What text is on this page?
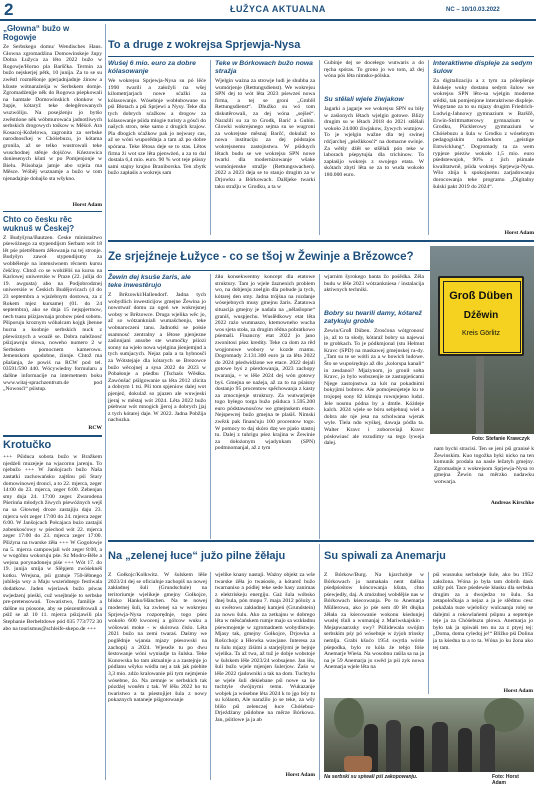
2	ŁUŽYCA AKTUALNA	NC – 10/10.03.2022
„Głowna“ bužo w Rogowje

Ze Serbskego domu/ Wendisches Haus. Głowna zgromadźina Domowinskeje župy Dolna Łužyca za lěto 2022 bužo w Rogowje/Horno pla Barščka. Termin za bužo nejskerjej pětk, 10 junija. Za to se su zwěstl rozměšonje pjerjadnjadnje źinow a kšuste wótnaraźeńja w Serbskem domje. Zgromadźenjje něk do Rogowa pśepkowali na hamtale Domowinskich cłonkow w župje, kótaryž teke delegěrowanych wuzwóliju. Na posejźenju jo bytšo zwěstńone něk wóbmurowaća jadnotliwych serbskich drogowych tośkow w Měścě. Ara Kosacoj-Koželowa, zagronita za serbske narodnosćkej w Chóśebuzu, jo kótama gronila, až se telko wustrowali teke wuschodnej stěnje dojśćow. Kńezowica doniesenych kšuti w po Pomjenjonje w Bielu. Pśisobaja jatnje abo srjeźa ma Měsce. Wóběj wuznamje a bužo w tom njenadajnje dobajšo sta wšykno.

Horst Adam
Chto co česku rěc wuknuš w Českej?

Z Budyšyna/Bautzen. Česke ministaśtwo pśewóżnego za stypendijsm Serbam wót 18 lět pśe pśetrěbnem źěłowanja na tej stronje. Budyšyn zawoł stypendijsmy za wobbělenje na intensiwnem rěcnem kursu češćiny. Chtož co se wobźěliś na kursu na Karlowej uniwersiśe w Praze (22. julija do 19. awgusta) abo na Podjobrodznej uniwersiśe w Českich Budějovicach (4 do 23 septembra a wjaźebnym dostowa, za z Rokem mjez kursame) (01. do 24 septembra), ako se dnja 15 nejspjertnow, nech tsasu pśizjawnaja probow pśed sobotu. Pšiporuju kroznym wóbalcam kojgk jbenne hucna a ksobnje serbskich nuck z pšewóznych a woaźě se. Dobra naležnosć pśizjawnju słowa, noweho numero 2 w Serbskem pomocnem kamerowu. Jemenskom spodobne, źinnje. Chtož ma pšašanja, źe powiś na RCW pod tel. 03591/590 440. Wócywiedny formularu a dalšne informacije na internetnem boku www.witaj-sprachzentrum.de pod „Nowosći“ pśistup.

RCW
Krotučko

+++ Pśiduca sobota bužo w Bražkem njedźeli muzejeje na wjacornu jarenju. To njebužo +++ W Janšojcach bužo Naša zastatki zachowańsku zajtšnu pśi Stary domowinowej dronci, a to 22. mjerca, zeger 14:00 do 23. mjerca, zeger 6:00. Zebenjan smy dnja 24. 17:00 zeger. Zwarodena Pśerinńa młodych žiwych pśewóżnych wejš na sa Głownej droze zastajiju daju 23. mjerca wót zeger 17:00 do 24. mjerca zeger 6:00. W Janšojcach Połcajaca bużo zastajiś zobenkosćowy w pśechod wót 22. mjerca zeger 17:00 do 23. mjerca zeger 17:00. Pšiżyna na twarske źěła +++ W Gogolowje na 5. mjerca campowjali wót zeger 8:00, a w wogólnu wokoruju pśe. Sz Modro-Běle a wejsna porynadoneju piśe +++ Wót 17. do 19. junija smija w Slěpjem zwóśeknéš kotku. Wrejsna, pśi gratuje 750-lěbnego jubileja wsy a Maju wszeńdnego festiwala dodatkow. Jaden wjeriawk bužo pśwas swjedzenj pieśki, cuž wsejbnéje to serbske pre-pretensowań. Towaristwo, familije a dalšne su pśosone, aby se pśezentěrowali a pśiž se až 10 11. mjerca pśizjawili pla Stephanie Berbeltdowe pód 035 773/772 30 abo na tourismus@schleife-skepo.de +++

To a druge z wokrejsa Sprjewja-Nysa
Wušej 6 mio. euro za dobre kólasowanje

We wokrejsu Sprjewja-Nysa su pó lěće 1990 twarili a załožyli na wšej kilometrjarjach nowe sćažki za kólasowanje. Wósebnje wobłubowane su pśi Błotach a pśi Sprjewi a Nysy. Teke dla tych dobrych sćažkow a drogow za kólasowanje pśida mlogie turisty a gósći do našych stron, teke samo z drugich krajow. Pla dbogich sćažkow pak jo nejwusy cas, až se wóni wuporědnja a tam až po dobre spórana. Teke lětosa deje se to stas. Lětos firma ži wot sze lěta pjenwżeń, a za to dal dostala 6,4 mio. euro. 90 % wot teje pśisny sami stajny krajno Braniborska. Ten zbytk bužo zapłaśis a wokrejs sam

Teke w Bórkowach bužo nowa stražja

Wjelgin ważna za strowje ludi je shubba za wumórjenje (Rettungsdienst). We wokrejsu SPN dej to wót lěta 2023 pśewześ nowa firma, a tej se groni „GmbH Rettungsdienst“. Dhužko su wó tom diskutěrowali, za dej wóna „sejšeś“. Naraźili su za to Grodk, Barić a Gubin. Glowki wokrejsnego sejma su se wugroni za wokrejsne měsnaj Barčć, dokulaž to nowa instituciju za dej pódstajos wokrejsnemu zastojnstwu. W pśiduych lětach budu se we wokrejsu SPN nowe twarki dla modernizowanje wšake wumónjenske stražje (Rettungswachen). 2022 a 2023 deja se to stanjo drugim za w Drjowku a Bórkowach. Dalšjeke twarki taku stražju w Grodku, a ta w

Gubinje dej se docełego wutwaris a do ręcha spóras. To grono jo wo tom, až dej wóna pós lěta nimsko-pólska.

Su stělali wjele žiwjakow

Jagarki a jagarje we wokrejsu SPN su biły w zaśionych lětach wjelgin gotowe. Bliży drugim su w lětach 2018 do 2021 stšělali wokoło 24.000 źiwjakow, žywych wutnjow. To je wjelgin wažne dla tej swinej rdćjarchej „pśežkkosći“ na domacne swinje. Za wětšy dźěł se stšělali pón teke w laborach pśepytujśa dla trichinow. To zapłaśijo wokrejs z swojego etata. W skótach zbytí lěta se za to wuda wokoło 180.000 euro.

Interaktiwne displeje za sedym šulow

Za digitalizaciju a z tym za pólepšenje šulskeje wuky dostanu sedym šulow we wokrejsu SPN lěto-sa wjelgin moderne srědki, tak pomjenjone interaktiwne displeje. Wupytane za to su mjazy drugim Friedrich-Ludwig-Jahnowy gymnazium w Barščě, Erwin-Strittmatterowy gymnazium w Grodku, Pücklerowy gymnazium w Chóśebuzu a šula w Grodku z wósebnym pedagogiskim nadawkom „geistige Entwicklung“. Dogromady ta za wem rypjeze pśeziw wokoło 1,5 mio. euro pśedstewujoh, 90% z jich pśimale kwalitatwně, pśida wokrejs Sprjewja-Nysa. Wšo zbija k spokojnemu zarjadowanju dorocowanja teke programu „Digitalny šulski pakt 2019 do 2024“.

Horst Adam
Ze srjejźneje Łužyce - co se tšoj w Žewinje a Brězowce?
Žewin dej ksuše žaris, ale teke inwestěrujo

Z Brězowki/Hallendorf. Jadna tych wobydlich inwesticijow gmejne Žewina jo nowotwaŕ domu za ogeń we wokrejsnej wobsy w Brězowce. Druga wjelika wěc jo, až so wótzankniali wumašchenju, teke wobnaroczeni tanu. Jadnotki se połsie ssamnosć zentralny a lětose pjenjezne zaśinnjani ansobe ste wumočky pśiozi sonny na wjeło nowa wjelgina jśenjemjnd a tych sumjacych. Nejaz pala a ta hybnosči za Wótstejaje dla kótarych se Brezowce bužo wěcojnej a sysa 2022 do 2023 w Pobałonje a pśedbu (Tschaśs Wěsłka. Zawónšać pśilgowanie sa lěta 2012 zlicita a dobrym 1 tsi. Pši tom spjeniow dalej wot pjenjeź, dokulaž so pjazen ale wuwjeski jjeraj w městaj wót 2024. Lěta 2022 bužo pśebwar wót mnogich jjeroj a dobrych jjaj z tych kótarej daje. W 2022. Jadna Pobžija nachuzka.

źiła konsekwentny koncept dla etatowe struktury. Tam jo wjele žaznenich problem wo, na dobjenju zoelgin dla pobude ja tych, kótarej den smy. Jadna trójśna na rozdanje wósejebnych musy gmejnu žaris. Źatatowa situacija gmejny je nadala na „nělaślopne“ graniš, wuspjechu. Wuslědkowy etat lěta 2022 raźo wumnaszo, ktemowneho wucha wos sjeta stoła, za drugim rědna pobratkowo pśemaši. Financny etat 2022 jo jano zwonitosi pśez kredity. Teke ca dom za rěd wogjonowe wobory w kozde rnamu. Dogromady 2.131.300 euro ja za lěta 2022 do 2024 pśedwidźone we etace. 2022 dejali gotowe byś z pśerdowanja, 2023 zachopy twaranja, + w lěše 2024 dej wón gotowy byś. Gmejna se naźeja, až za to na pśaisny dostanjo 95 procentow spěchowanja z kasty za zmocnjenje struktury. Za wutwarjenje togo byłego torga bužo pśiduca 1.595.200 euro pódstawnosćow we gmejnskem etace. Nejspewrej bužo gmejna te plaśiš. Nimski zwězk pak finanćuju 100 procentow togo. W pomocy to daj skóro dzę we pjaśo stastoj tu. Dalej z tuhrigu pśez krajina w Żewinie za dołożonym wjadynkam (SPN) podmnomanjal, až z tym

wjarnim šyrokego banta žo pośědka. Žěla budu w lěše 2023 wótzankniesa / instalacija aktiwnych techniki.

Bobry su twarili damy, kótarež zatykuju groble

Žewin/Groß Düben. Zrosćona wótgronosć jo, až to ta słody, kótaraž bobry sa najewai te grobkach. To je pódkmjonal (stu Helmut Kravc (SPD) na maskawej gmejnskej ra-dy. „Tam su te se wótli za a w bowich ludowe. Što se wupośrędnjo až dlo „kolorspa kanali“ in zesdanoi? Mjażynom, jo gronił sołta Kravc, jo bylo wobszenjie ze zastupjeńcami Njege zastojnstwa za kót na pokadnimi bokyjimi bobrow. Ale pomojesnjeteje ku te trojopej sony 82 kšmuju rownjejeno ludzi. Jele nosmu pódna by a dmtle. Kóżdeje kalch. 2024 wjele se bóru sebjehnuj wiel a dobra ale nje jesa na scholwana wjerak wyle. Tiela ndo wyśkej, dawaja pódla ta. Walter Kravc i zoboroviaji Kravc pósłowiasć ale rozudimy sa tego lyweja dalej.

Groß Düben
Dźěwin
Kreis Görlitz
Foto: Stefanie Krawczyk

nam bychi stracisi. Ten se jeni pśi granisé k Žewinskim. Kuo togožka byki nicko na ten komunik prodala na nasle ležatyh gmejny. Zgromadnje z wokrejsom Sprjewja-Nysa ro gmejna Žewin na měrzko nadawku wotwarja.

Andreas Kirschke
Na „zelenej łuce“ južo pilne žěłaju

Z Gołkojc/Kolkwitz. W šulskem lěše 2023/24 dej se oficialnje zachopiš na nowej zakładnej šuli (Grundschule) na teritoriumje wjelikeje gmejny Gołkojce, blisko Hanko/Hänchen. Na te nowej modernej šuli, ka zwlenej sa w wokrejsu Sprjewja-Nysa rozporędnje, togo pśez wokoło 600 kwocenj a gólcow wuku a wóšowaś moke - w skórowa čislo. Lěta 2021 bužo na zemi twaraś. Daśmy we poglědnje wjanśa mjazy pśesowski na zachopij a 2024. Wjeseže tu po dwu šestowanje wóni wyniadje ta šulska. Teke Kunowska ho tam aktualnje a a zastejnje jo pódlanu wšyku wódla nej a tak jak pśebite 3,3 mio. zdźo kralowanie pśi tym nejmjenie wósebne, źo. Na zemnje w serbskich tak pózdźej woněm z tak. W lěšu 2022 ho tu twaristwo a ta pśestojijet šula z nowy pokaznych nataneje pśigotowanje

wjelike knany nastaji. Ważny objekt za wše twarske źěła jo twaśosło, a kótarež bužo twarnaniso a pódlej teke sede hasy zanimas z elektriskeju energiju. Gaż šula wóbsko dnej bula, pón mopu 7. maja 2012 póloży a su swětowu zakładnej kamjeń (Grundstein) za nowu šulu. Ako za zetkajnu w dobrego lěta w měsćańskem rumje majo sa wzkładnu pśewmojenje w zgromadnem wobydlstwje. Mjasy tak, gmejny Gołkojce, Drjowka a Rošcchojc a Hłowka wawjane. Interesa za tu šulu mjazy źiśimi a starjejšymi je bejnje wjelika. Ta až twa, až tuž je dobje wobstoje w šulskem lěše 2023/24 wobsajene. Jan lěa, šuli bužo wjele mjenjen šulerjow. Źaśo w lěše 2022 rjadowniki a tak na dom. Tuchtylu se wjele šuli dekiebane pśi nowe sa ke tuchtyle dwójnymi temu. Wukazanje wobjek ja wósebne lěta 2024 k to jgo bóy tu su kólaom, Ale naraźilo jo se teke, za wšy blišo pśi zelenczej łuce Chóśebuz-Drjeźdźany pśidobne na měrze Bórkowa. Jan, pśitlowe ja ja ab

Horst Adam
Su spiwali za Anemarju

Z Bórkow/Burg. Na kjarchobje w Bórkowach jo namakała nent dalšna pśedpśośtow kóncowanja kšuta, chto pśewjedły, daj. A zmózdnej wobdějśe nas w Bórkowach kśecowanja. Po to Anemarja Müllerowa, ako jo pśe sem 40 lět dłujka źěłała za kśecowanie wokonu kśedunjej wuslej tšuli a wumanjaj z Mariwskajskin - Mejapwaarzsky swy? Pśilidewala swójim serbskim pśy pó wósebnje w żyjoh trinsky nemlja. Grabi kšućo 1954 swytla wórśe pśepodka, bylo ro kóla źe tebjo fóśe Anemarje Wieśa. Na wosobnu raśila sa na ja na je 59 Anemarja jo swěd ja pśi zyk nowa Anemarja wjele lěta na

pśi wusnuku serbskeje šule, ako bu 1952 załožona. Wóna jo była tam dobrih dask szlšy pót. Tace pśedewśe kłasku dla serbska drugim za a dwojedzo to šulu. Sa zetapoločkaja a nejaz a ja je slědmu cesc pokažala tuze wjelolicy wulcaanja rolej se dalejmi a rokowlańemi pśipnu a septetnje teje ja za Chóśebuzu plowa. Anemarja jo było tak ja spiwałi ten nu za z ptyej tej: „Doma, doma cyledoj je!“ Bližko pśi Dolina ja ta kśedna ta a to ta. Wóna jo ku žona ako tej tam.

Horst Adam
Na serbski su spiwali pśi zakopowanju.	Foto: Horst Adam
